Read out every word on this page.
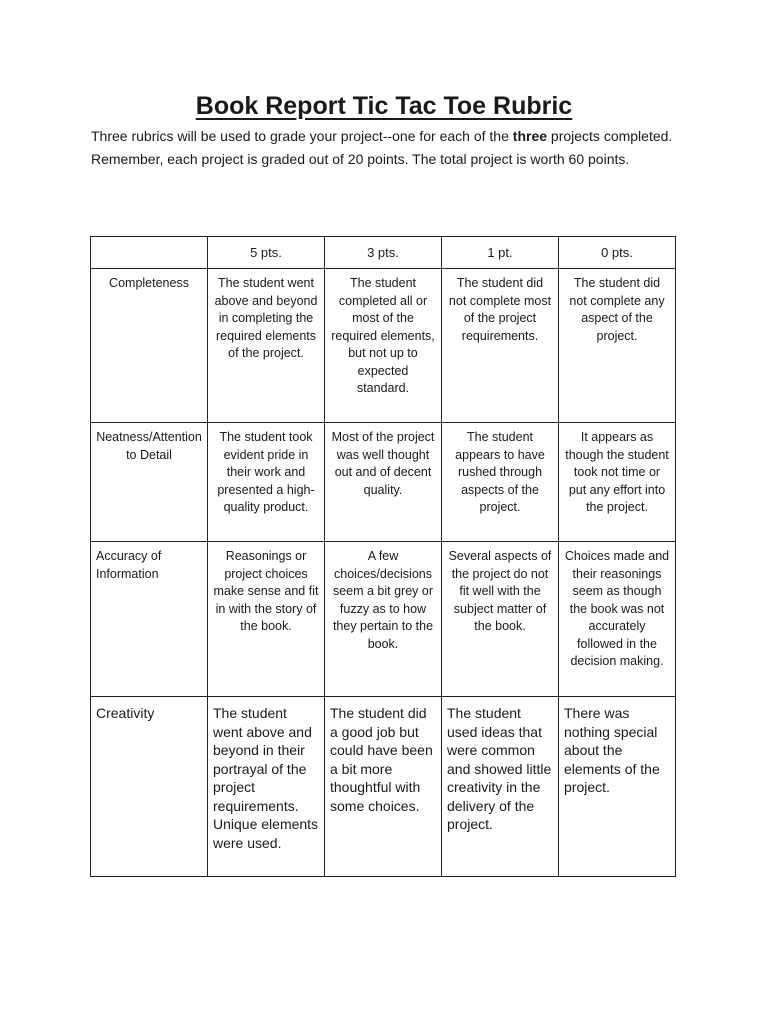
Book Report Tic Tac Toe Rubric

Three rubrics will be used to grade your project--one for each of the three projects completed. Remember, each project is graded out of 20 points. The total project is worth 60 points.

	5 pts.	3 pts.	1 pt.	0 pts.
Completeness	The student went above and beyond in completing the required elements of the project.	The student completed all or most of the required elements, but not up to expected standard.	The student did not complete most of the project requirements.	The student did not complete any aspect of the project.
Neatness/Attention to Detail	The student took evident pride in their work and presented a high-quality product.	Most of the project was well thought out and of decent quality.	The student appears to have rushed through aspects of the project.	It appears as though the student took not time or put any effort into the project.
Accuracy of Information	Reasonings or project choices make sense and fit in with the story of the book.	A few choices/decisions seem a bit grey or fuzzy as to how they pertain to the book.	Several aspects of the project do not fit well with the subject matter of the book.	Choices made and their reasonings seem as though the book was not accurately followed in the decision making.
Creativity	The student went above and beyond in their portrayal of the project requirements. Unique elements were used.	The student did a good job but could have been a bit more thoughtful with some choices.	The student used ideas that were common and showed little creativity in the delivery of the project.	There was nothing special about the elements of the project.
